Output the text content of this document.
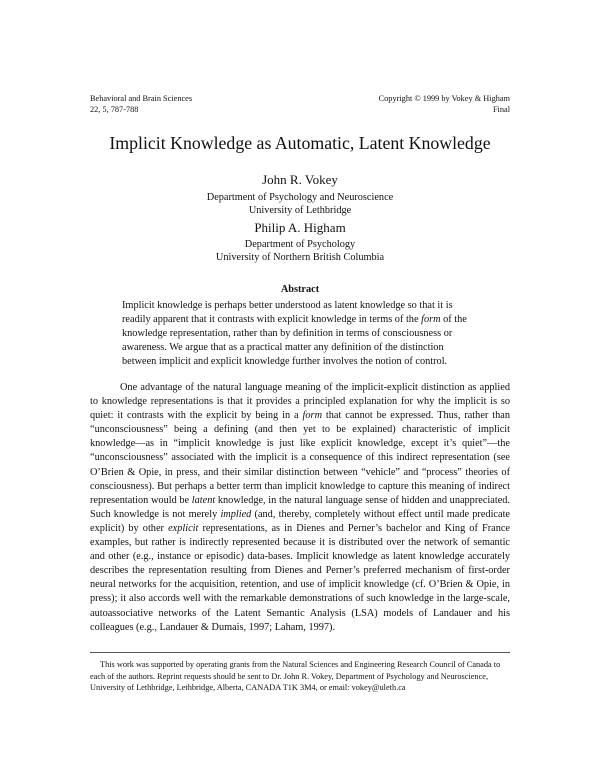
Behavioral and Brain Sciences
22, 5, 787-788
Copyright © 1999 by Vokey & Higham
Final
Implicit Knowledge as Automatic, Latent Knowledge
John R. Vokey
Department of Psychology and Neuroscience
University of Lethbridge
Philip A. Higham
Department of Psychology
University of Northern British Columbia
Abstract
Implicit knowledge is perhaps better understood as latent knowledge so that it is readily apparent that it contrasts with explicit knowledge in terms of the form of the knowledge representation, rather than by definition in terms of consciousness or awareness. We argue that as a practical matter any definition of the distinction between implicit and explicit knowledge further involves the notion of control.

One advantage of the natural language meaning of the implicit-explicit distinction as applied to knowledge representations is that it provides a principled explanation for why the implicit is so quiet: it contrasts with the explicit by being in a form that cannot be expressed. Thus, rather than “unconsciousness” being a defining (and then yet to be explained) characteristic of implicit knowledge—as in “implicit knowledge is just like explicit knowledge, except it’s quiet”—the “unconsciousness” associated with the implicit is a consequence of this indirect representation (see O’Brien & Opie, in press, and their similar distinction between “vehicle” and “process” theories of consciousness). But perhaps a better term than implicit knowledge to capture this meaning of indirect representation would be latent knowledge, in the natural language sense of hidden and unappreciated. Such knowledge is not merely implied (and, thereby, completely without effect until made predicate explicit) by other explicit representations, as in Dienes and Perner’s bachelor and King of France examples, but rather is indirectly represented because it is distributed over the network of semantic and other (e.g., instance or episodic) data-bases. Implicit knowledge as latent knowledge accurately describes the representation resulting from Dienes and Perner’s preferred mechanism of first-order neural networks for the acquisition, retention, and use of implicit knowledge (cf. O’Brien & Opie, in press); it also accords well with the remarkable demonstrations of such knowledge in the large-scale, autoassociative networks of the Latent Semantic Analysis (LSA) models of Landauer and his colleagues (e.g., Landauer & Dumais, 1997; Laham, 1997).

This work was supported by operating grants from the Natural Sciences and Engineering Research Council of Canada to each of the authors. Reprint requests should be sent to Dr. John R. Vokey, Department of Psychology and Neuroscience, University of Lethbridge, Lethbridge, Alberta, CANADA T1K 3M4, or email: vokey@uleth.ca
